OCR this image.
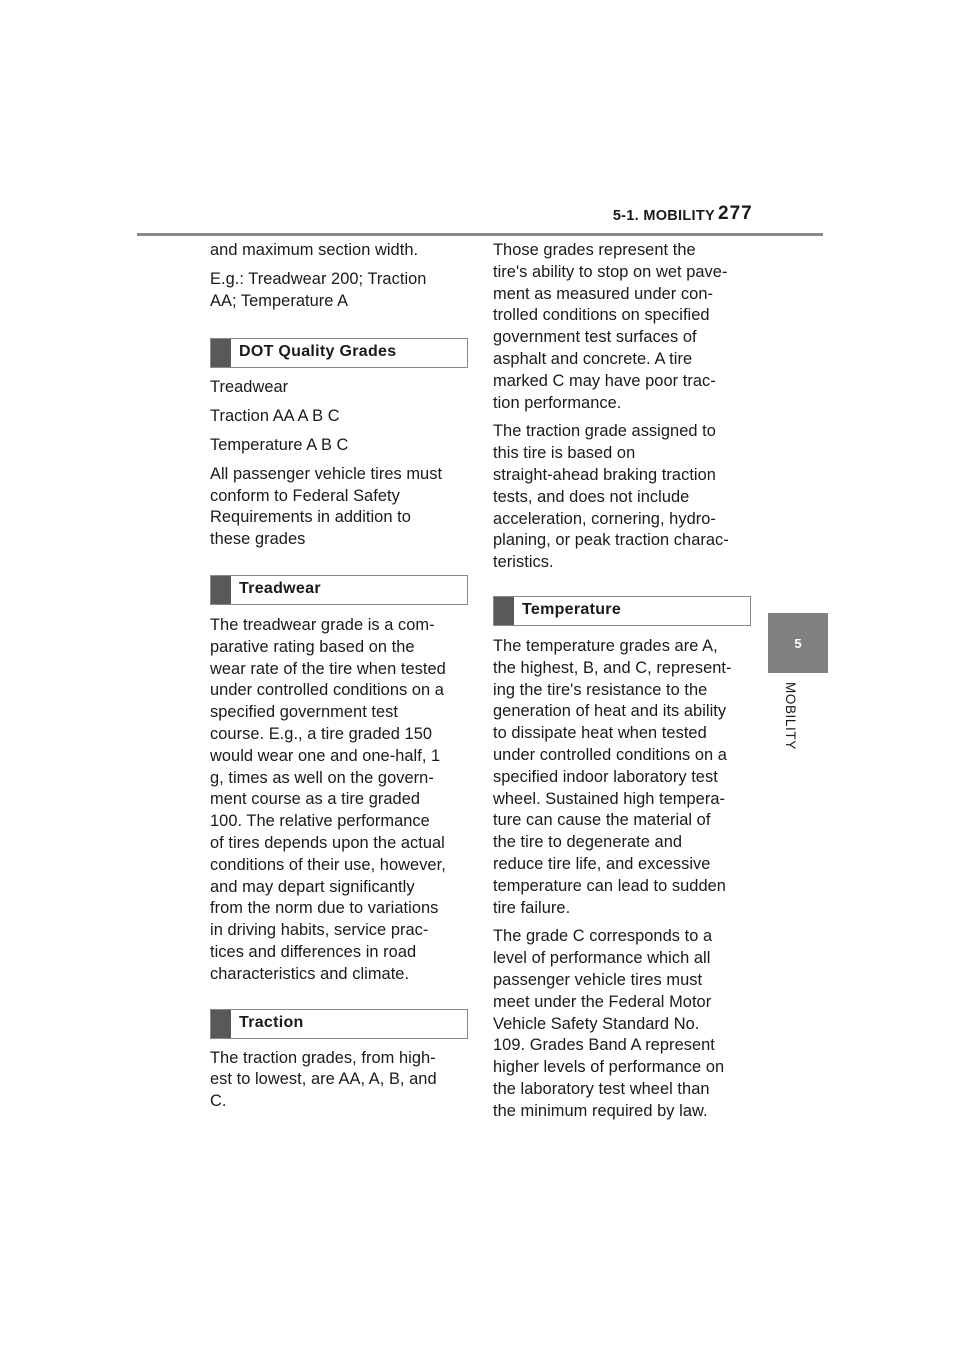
5-1. MOBILITY 277
5
MOBILITY

and maximum section width.

E.g.: Treadwear 200; Traction
AA; Temperature A

DOT Quality Grades

Treadwear

Traction AA A B C

Temperature A B C

All passenger vehicle tires must
conform to Federal Safety
Requirements in addition to
these grades

Treadwear

The treadwear grade is a com-
parative rating based on the
wear rate of the tire when tested
under controlled conditions on a
specified government test
course. E.g., a tire graded 150
would wear one and one-half, 1
g, times as well on the govern-
ment course as a tire graded
100. The relative performance
of tires depends upon the actual
conditions of their use, however,
and may depart significantly
from the norm due to variations
in driving habits, service prac-
tices and differences in road
characteristics and climate.

Traction

The traction grades, from high-
est to lowest, are AA, A, B, and
C.

Those grades represent the
tire's ability to stop on wet pave-
ment as measured under con-
trolled conditions on specified
government test surfaces of
asphalt and concrete. A tire
marked C may have poor trac-
tion performance.

The traction grade assigned to
this tire is based on
straight-ahead braking traction
tests, and does not include
acceleration, cornering, hydro-
planing, or peak traction charac-
teristics.

Temperature

The temperature grades are A,
the highest, B, and C, represent-
ing the tire's resistance to the
generation of heat and its ability
to dissipate heat when tested
under controlled conditions on a
specified indoor laboratory test
wheel. Sustained high tempera-
ture can cause the material of
the tire to degenerate and
reduce tire life, and excessive
temperature can lead to sudden
tire failure.

The grade C corresponds to a
level of performance which all
passenger vehicle tires must
meet under the Federal Motor
Vehicle Safety Standard No.
109. Grades Band A represent
higher levels of performance on
the laboratory test wheel than
the minimum required by law.
